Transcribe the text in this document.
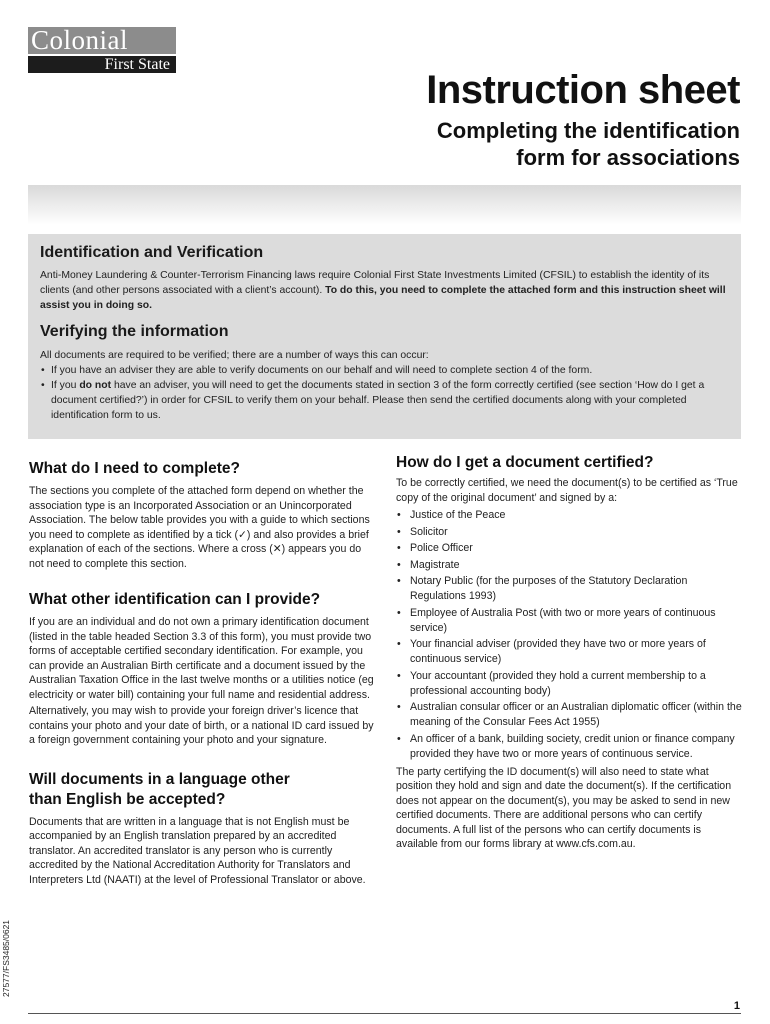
Colonial
First State
Instruction sheet
Completing the identification
form for associations
Identification and Verification

Anti-Money Laundering & Counter-Terrorism Financing laws require Colonial First State Investments Limited (CFSIL) to establish the identity of its clients (and other persons associated with a client’s account). To do this, you need to complete the attached form and this instruction sheet will assist you in doing so.

Verifying the information

All documents are required to be verified; there are a number of ways this can occur:

• If you have an adviser they are able to verify documents on our behalf and will need to complete section 4 of the form.
• If you do not have an adviser, you will need to get the documents stated in section 3 of the form correctly certified (see section ‘How do I get a document certified?’) in order for CFSIL to verify them on your behalf. Please then send the certified documents along with your completed identification form to us.
What do I need to complete?

The sections you complete of the attached form depend on whether the association type is an Incorporated Association or an Unincorporated Association. The below table provides you with a guide to which sections you need to complete as identified by a tick (✓) and also provides a brief explanation of each of the sections. Where a cross (✕) appears you do not need to complete this section.

What other identification can I provide?

If you are an individual and do not own a primary identification document (listed in the table headed Section 3.3 of this form), you must provide two forms of acceptable certified secondary identification. For example, you can provide an Australian Birth certificate and a document issued by the Australian Taxation Office in the last twelve months or a utilities notice (eg electricity or water bill) containing your full name and residential address.

Alternatively, you may wish to provide your foreign driver’s licence that contains your photo and your date of birth, or a national ID card issued by a foreign government containing your photo and your signature.

Will documents in a language other
than English be accepted?

Documents that are written in a language that is not English must be accompanied by an English translation prepared by an accredited translator. An accredited translator is any person who is currently accredited by the National Accreditation Authority for Translators and Interpreters Ltd (NAATI) at the level of Professional Translator or above.

How do I get a document certified?

To be correctly certified, we need the document(s) to be certified as ‘True copy of the original document’ and signed by a:

• Justice of the Peace
• Solicitor
• Police Officer
• Magistrate
• Notary Public (for the purposes of the Statutory Declaration Regulations 1993)
• Employee of Australia Post (with two or more years of continuous service)
• Your financial adviser (provided they have two or more years of continuous service)
• Your accountant (provided they hold a current membership to a professional accounting body)
• Australian consular officer or an Australian diplomatic officer (within the meaning of the Consular Fees Act 1955)
• An officer of a bank, building society, credit union or finance company provided they have two or more years of continuous service.

The party certifying the ID document(s) will also need to state what position they hold and sign and date the document(s). If the certification does not appear on the document(s), you may be asked to send in new certified documents. There are additional persons who can certify documents. A full list of the persons who can certify documents is available from our forms library at www.cfs.com.au.

27577/FS3485/0621
1
